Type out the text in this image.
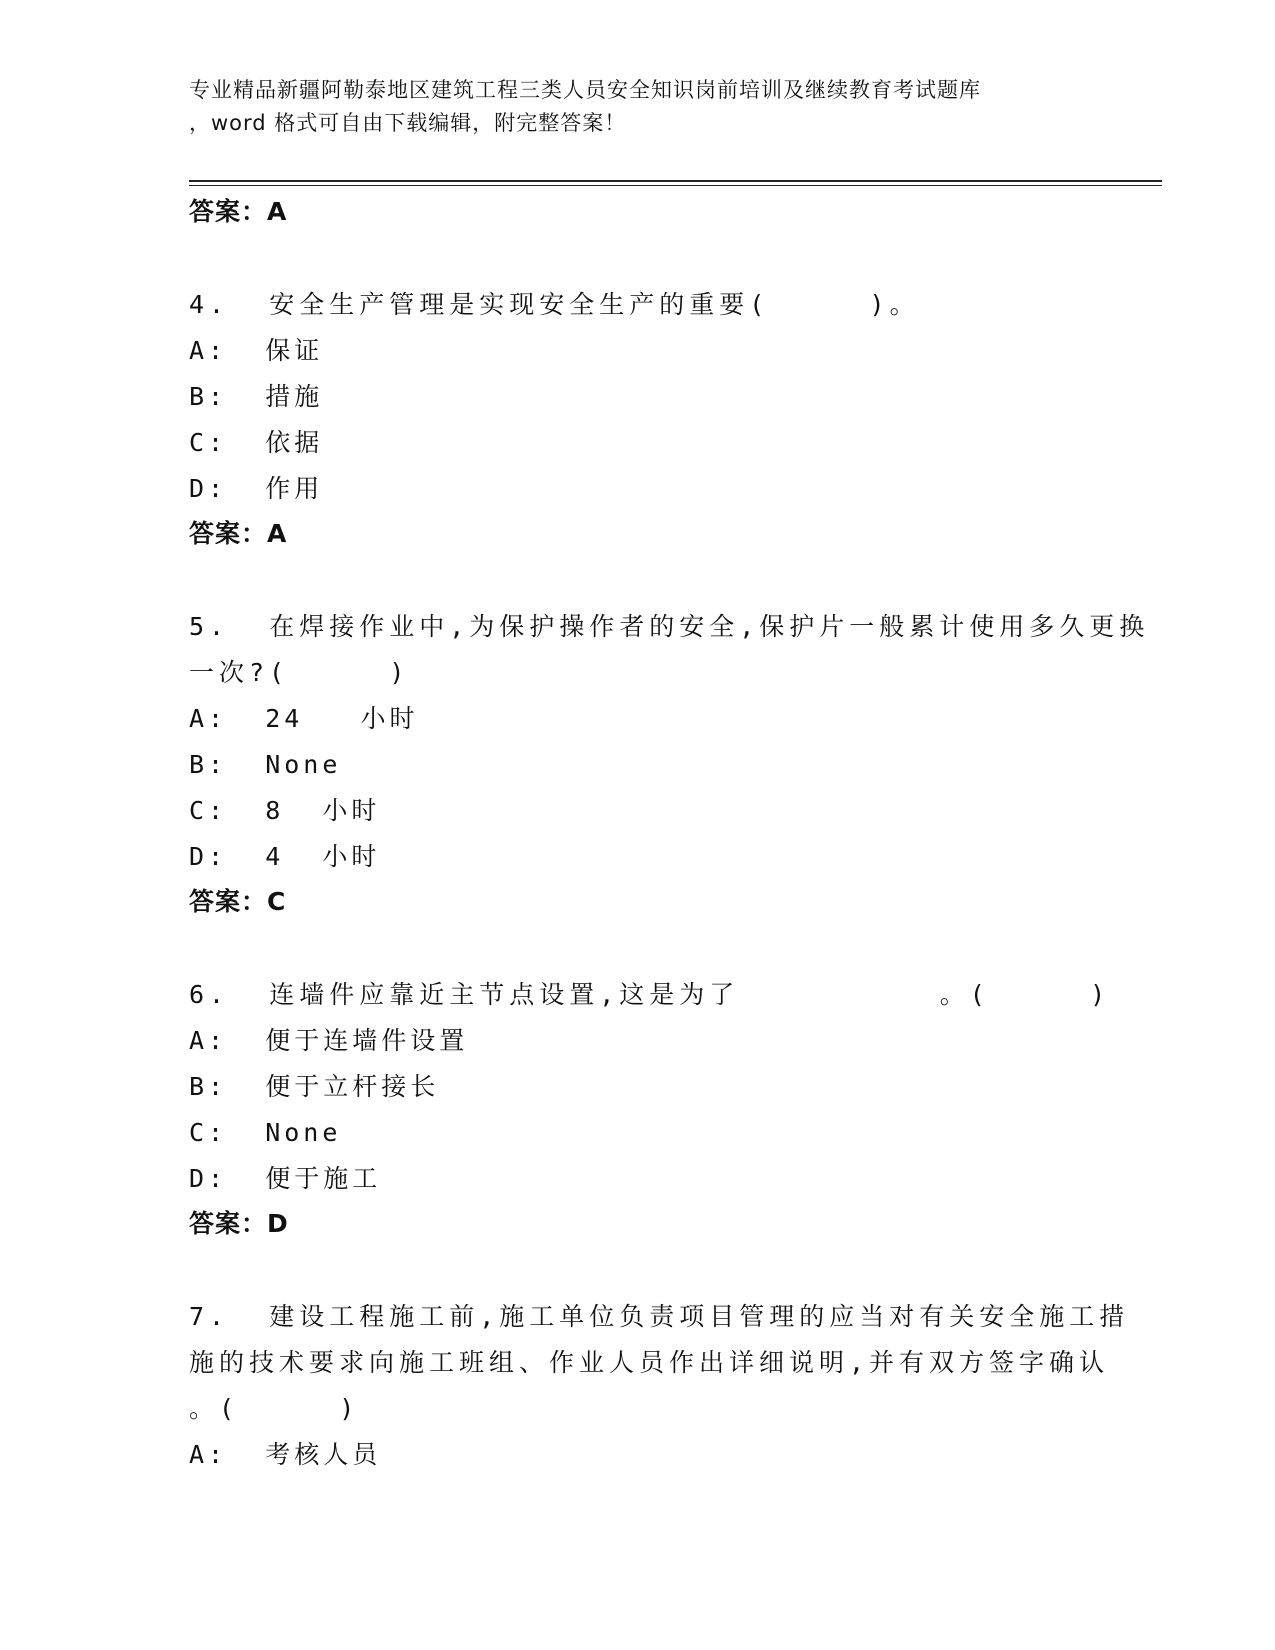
专业精品新疆阿勒泰地区建筑工程三类人员安全知识岗前培训及继续教育考试题库
，word 格式可自由下载编辑，附完整答案！
答案：A
4.  安全生产管理是实现安全生产的重要(     )。
A:  保证
B:  措施
C:  依据
D:  作用
答案：A
5.  在焊接作业中,为保护操作者的安全,保护片一般累计使用多久更换
一次?(     )
A:  24   小时
B:  None
C:  8  小时
D:  4  小时
答案：C
6.  连墙件应靠近主节点设置,这是为了          。(     )
A:  便于连墙件设置
B:  便于立杆接长
C:  None
D:  便于施工
答案：D
7.  建设工程施工前,施工单位负责项目管理的应当对有关安全施工措
施的技术要求向施工班组、作业人员作出详细说明,并有双方签字确认
。(     )
A:  考核人员
